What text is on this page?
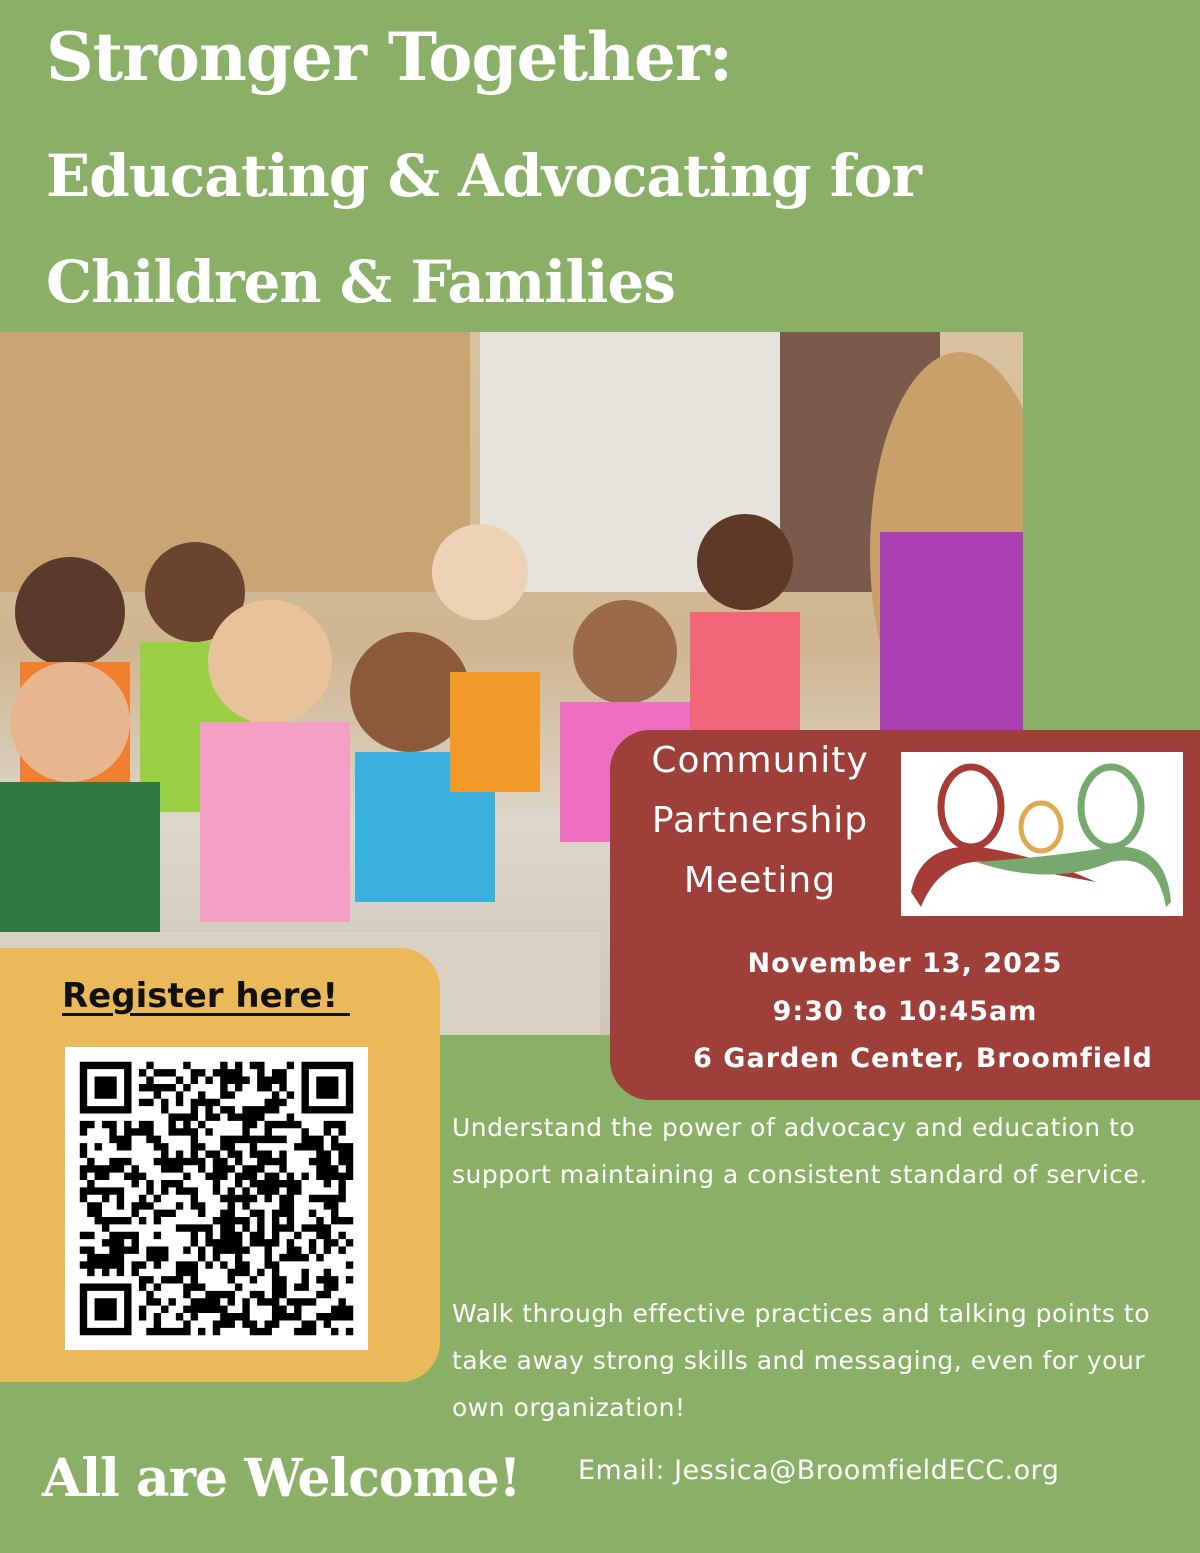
Stronger Together:
Educating & Advocating for
Children & Families
Community
Partnership
Meeting
November 13, 2025
9:30 to 10:45am
6 Garden Center, Broomfield
Register here!
Understand the power of advocacy and education to support maintaining a consistent standard of service.
Walk through effective practices and talking points to take away strong skills and messaging, even for your own organization!
All are Welcome! Email: Jessica@BroomfieldECC.org
